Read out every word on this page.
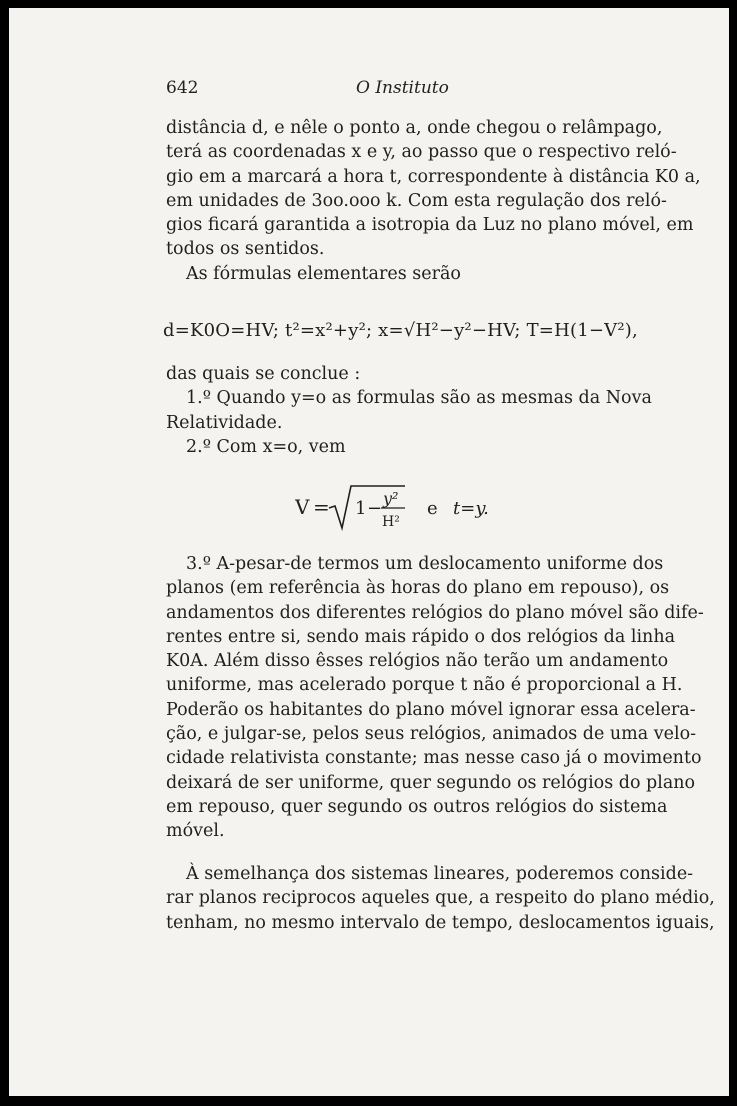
642	O Instituto
distância d, e nêle o ponto a, onde chegou o relâmpago,
terá as coordenadas x e y, ao passo que o respectivo reló-
gio em a marcará a hora t, correspondente à distância K0 a,
em unidades de 3oo.ooo k. Com esta regulação dos reló-
gios ficará garantida a isotropia da Luz no plano móvel, em
todos os sentidos.
As fórmulas elementares serão
d=K0O=HV; t²=x²+y²; x=√H²−y²−HV; T=H(1−V²),
das quais se conclue :
1.º Quando y=o as formulas são as mesmas da Nova
Relatividade.
2.º Com x=o, vem
V = 1 − y²
H²
e t=y.
3.º A-pesar-de termos um deslocamento uniforme dos
planos (em referência às horas do plano em repouso), os
andamentos dos diferentes relógios do plano móvel são dife-
rentes entre si, sendo mais rápido o dos relógios da linha
K0A. Além disso êsses relógios não terão um andamento
uniforme, mas acelerado porque t não é proporcional a H.
Poderão os habitantes do plano móvel ignorar essa acelera-
ção, e julgar-se, pelos seus relógios, animados de uma velo-
cidade relativista constante; mas nesse caso já o movimento
deixará de ser uniforme, quer segundo os relógios do plano
em repouso, quer segundo os outros relógios do sistema
móvel.
À semelhança dos sistemas lineares, poderemos conside-
rar planos reciprocos aqueles que, a respeito do plano médio,
tenham, no mesmo intervalo de tempo, deslocamentos iguais,
